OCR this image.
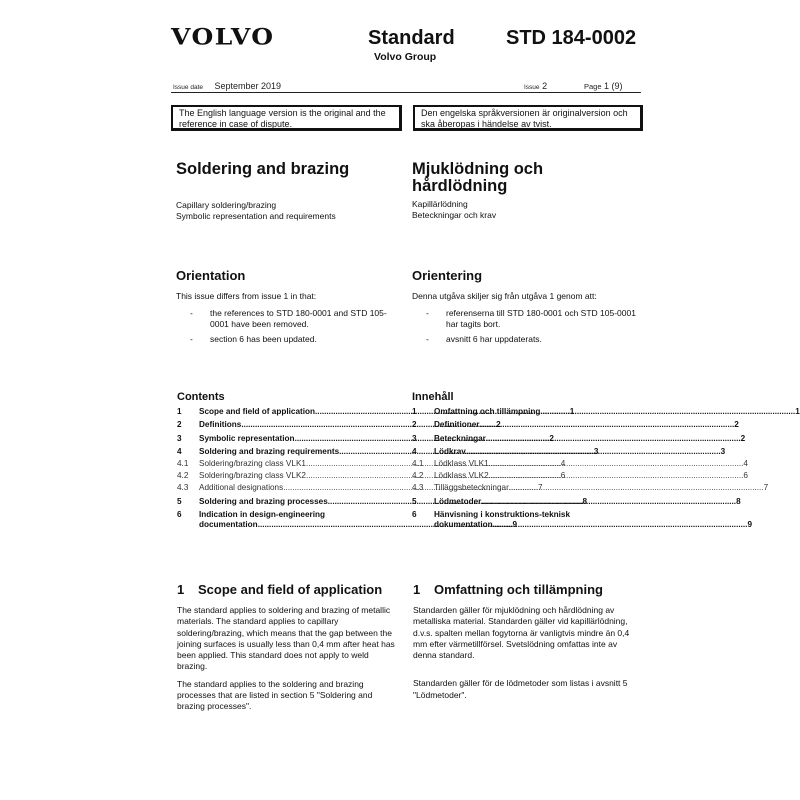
VOLVO	Standard
Volvo Group
STD 184-0002
Issue date September 2019	Issue 2	Page 1 (9)
The English language version is the original and the reference in case of dispute.
Den engelska språkversionen är originalversion och ska åberopas i händelse av tvist.
Soldering and brazing
Capillary soldering/brazing
Symbolic representation and requirements
Mjuklödning och hårdlödning
Kapillärlödning
Beteckningar och krav
Orientation
This issue differs from issue 1 in that:
- the references to STD 180-0001 and STD 105-0001 have been removed.
- section 6 has been updated.
Orientering
Denna utgåva skiljer sig från utgåva 1 genom att:
- referenserna till STD 180-0001 och STD 105-0001 har tagits bort.
- avsnitt 6 har uppdaterats.
Contents
1	Scope and field of application .....	1
2	Definitions .....	2
3	Symbolic representation .....	2
4	Soldering and brazing requirements .....	3
4.1	Soldering/brazing class VLK1 .....	4
4.2	Soldering/brazing class VLK2 .....	6
4.3	Additional designations .....	7
5	Soldering and brazing processes .....	8
6	Indication in design-engineering
documentation .....	9
Innehåll
1	Omfattning och tillämpning .....	1
2	Definitioner .....	2
3	Beteckningar .....	2
4	Lödkrav .....	3
4.1	Lödklass VLK1 .....	4
4.2	Lödklass VLK2 .....	6
4.3	Tilläggsbeteckningar .....	7
5	Lödmetoder .....	8
6	Hänvisning i konstruktions-teknisk
dokumentation .....	9
1 Scope and field of application
The standard applies to soldering and brazing of metallic materials. The standard applies to capillary soldering/brazing, which means that the gap between the joining surfaces is usually less than 0,4 mm after heat has been applied. This standard does not apply to weld brazing.
The standard applies to the soldering and brazing processes that are listed in section 5 "Soldering and brazing processes".
1 Omfattning och tillämpning
Standarden gäller för mjuklödning och hårdlödning av metalliska material. Standarden gäller vid kapillärlödning, d.v.s. spalten mellan fogytorna är vanligtvis mindre än 0,4 mm efter värmetillförsel. Svetslödning omfattas inte av denna standard.
Standarden gäller för de lödmetoder som listas i avsnitt 5 "Lödmetoder".
